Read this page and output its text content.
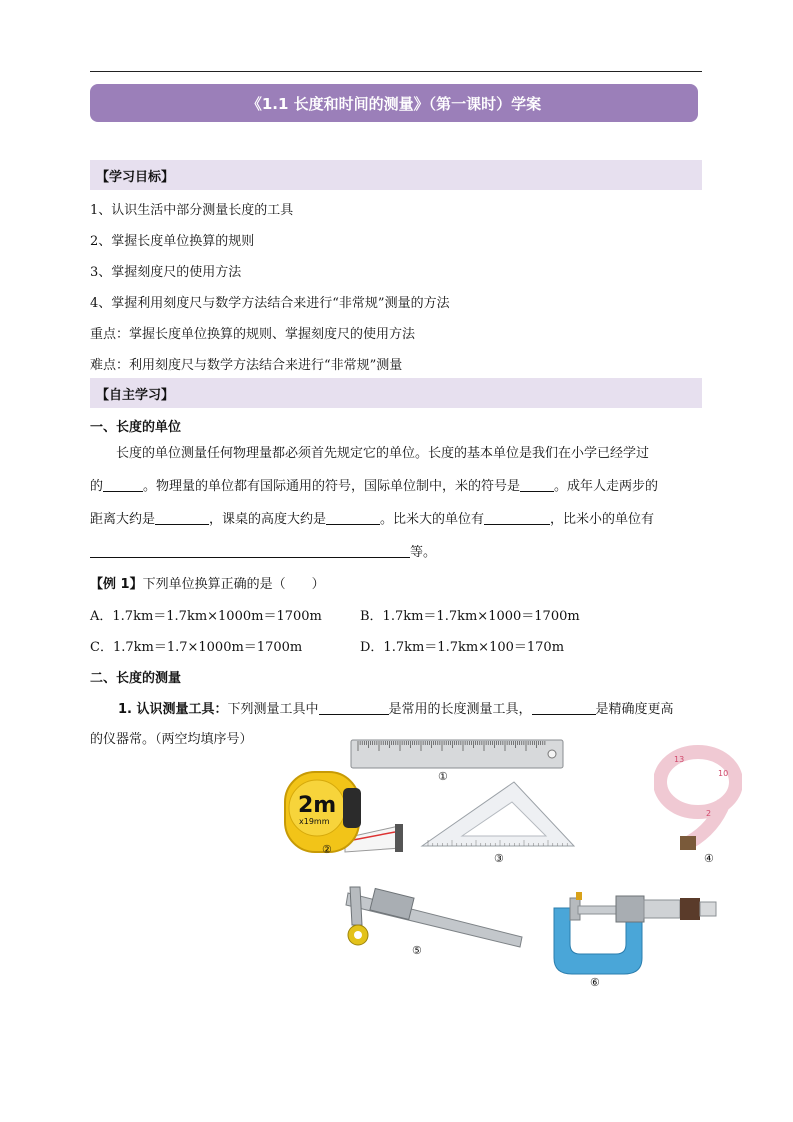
《1.1 长度和时间的测量》（第一课时）学案
【学习目标】
1、认识生活中部分测量长度的工具
2、掌握长度单位换算的规则
3、掌握刻度尺的使用方法
4、掌握利用刻度尺与数学方法结合来进行“非常规”测量的方法
重点：掌握长度单位换算的规则、掌握刻度尺的使用方法
难点：利用刻度尺与数学方法结合来进行“非常规”测量
【自主学习】
一、长度的单位
长度的单位测量任何物理量都必须首先规定它的单位。长度的基本单位是我们在小学已经学过
的	。物理量的单位都有国际通用的符号，国际单位制中，米的符号是	。成年人走两步的
距离大约是	，课桌的高度大约是	。比米大的单位有	，比米小的单位有
等。
【例 1】下列单位换算正确的是（　　）
A．1.7km＝1.7km×1000m＝1700m	B．1.7km＝1.7km×1000＝1700m
C．1.7km＝1.7×1000m＝1700m	D．1.7km＝1.7km×100＝170m
二、长度的测量
1. 认识测量工具：下列测量工具中	是常用的长度测量工具，	是精确度更高
的仪器常。（两空均填序号）
①
2m
x19mm
②
③
13
10
2
④
⑤
⑥
